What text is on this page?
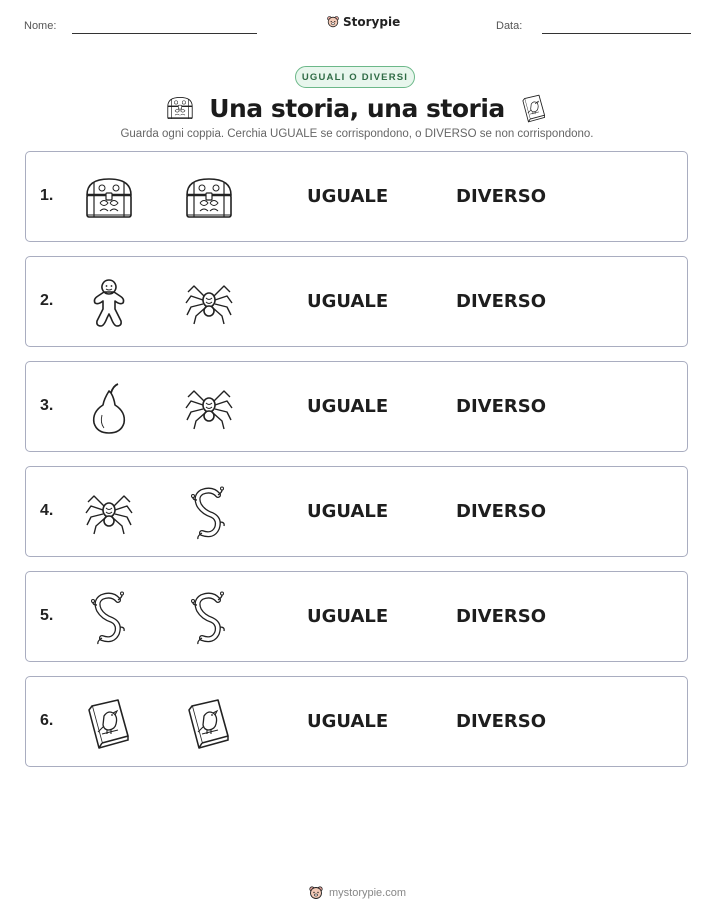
Nome:	Storypie	Data:
UGUALI O DIVERSI
Una storia, una storia
Guarda ogni coppia. Cerchia UGUALE se corrispondono, o DIVERSO se non corrispondono.
1.	UGUALE	DIVERSO
2.	UGUALE	DIVERSO
3.	UGUALE	DIVERSO
4.	UGUALE	DIVERSO
5.	UGUALE	DIVERSO
6.	UGUALE	DIVERSO
mystorypie.com
